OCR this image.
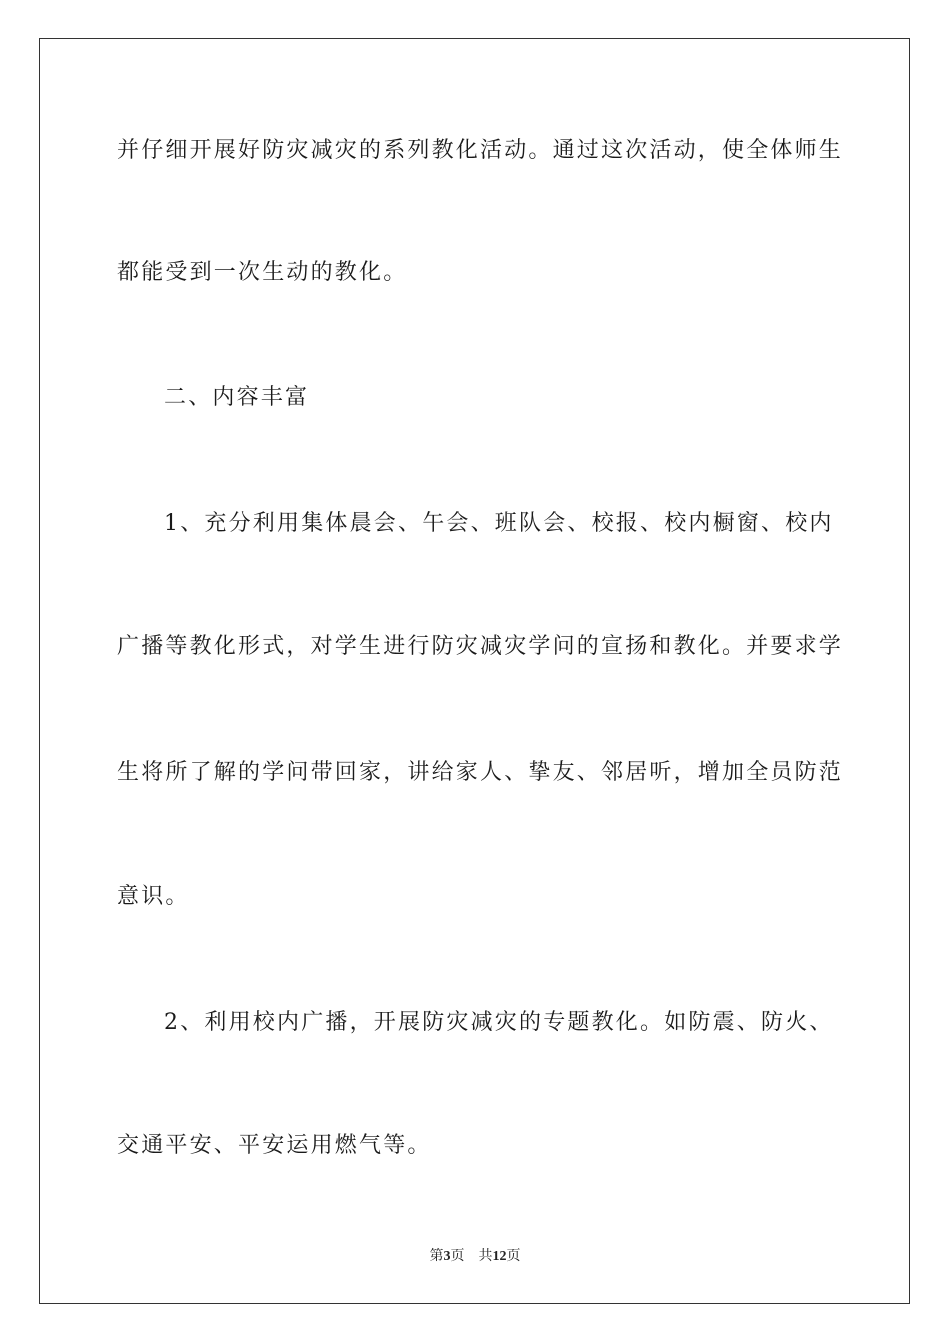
并仔细开展好防灾减灾的系列教化活动。通过这次活动，使全体师生
都能受到一次生动的教化。
二、内容丰富
1、充分利用集体晨会、午会、班队会、校报、校内橱窗、校内
广播等教化形式，对学生进行防灾减灾学问的宣扬和教化。并要求学
生将所了解的学问带回家，讲给家人、挚友、邻居听，增加全员防范
意识。
2、利用校内广播，开展防灾减灾的专题教化。如防震、防火、
交通平安、平安运用燃气等。
第3页 共12页
